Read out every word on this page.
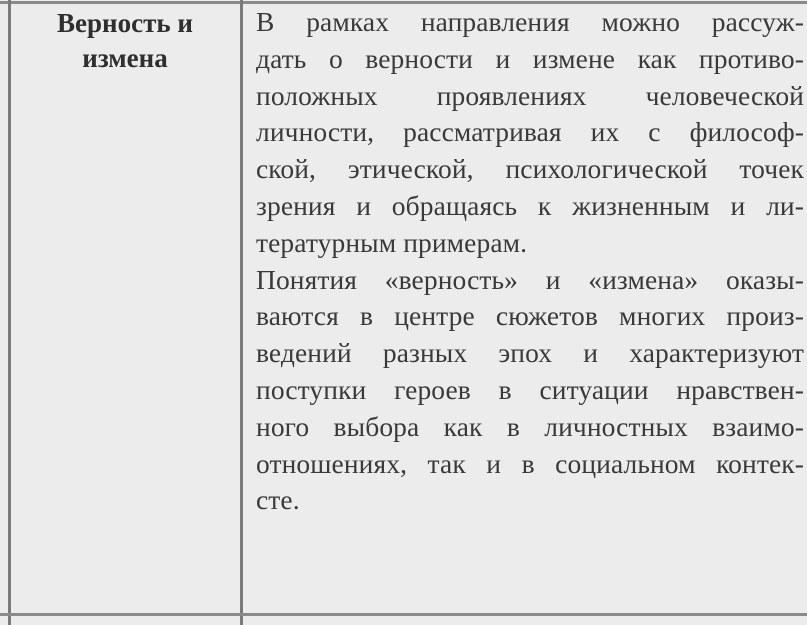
Верность и
измена
В рамках направления можно рассуж-
дать о верности и измене как противо-
положных проявлениях человеческой
личности, рассматривая их с философ-
ской, этической, психологической точек
зрения и обращаясь к жизненным и ли-
тературным примерам.
Понятия «верность» и «измена» оказы-
ваются в центре сюжетов многих произ-
ведений разных эпох и характеризуют
поступки героев в ситуации нравствен-
ного выбора как в личностных взаимо-
отношениях, так и в социальном контек-
сте.
